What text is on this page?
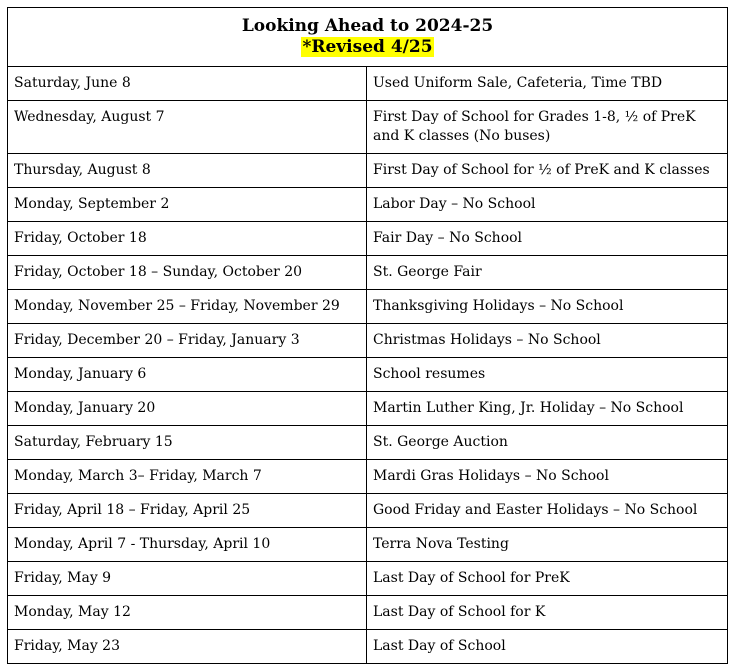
Looking Ahead to 2024-25
*Revised 4/25	

Saturday, June 8	Used Uniform Sale, Cafeteria, Time TBD
Wednesday, August 7	First Day of School for Grades 1-8, ½ of PreK and K classes (No buses)
Thursday, August 8	First Day of School for ½ of PreK and K classes
Monday, September 2	Labor Day – No School
Friday, October 18	Fair Day – No School
Friday, October 18 – Sunday, October 20	St. George Fair
Monday, November 25 – Friday, November 29	Thanksgiving Holidays – No School
Friday, December 20 – Friday, January 3	Christmas Holidays – No School
Monday, January 6	School resumes
Monday, January 20	Martin Luther King, Jr. Holiday – No School
Saturday, February 15	St. George Auction
Monday, March 3– Friday, March 7	Mardi Gras Holidays – No School
Friday, April 18 – Friday, April 25	Good Friday and Easter Holidays – No School
Monday, April 7 - Thursday, April 10	Terra Nova Testing
Friday, May 9	Last Day of School for PreK
Monday, May 12	Last Day of School for K
Friday, May 23	Last Day of School
